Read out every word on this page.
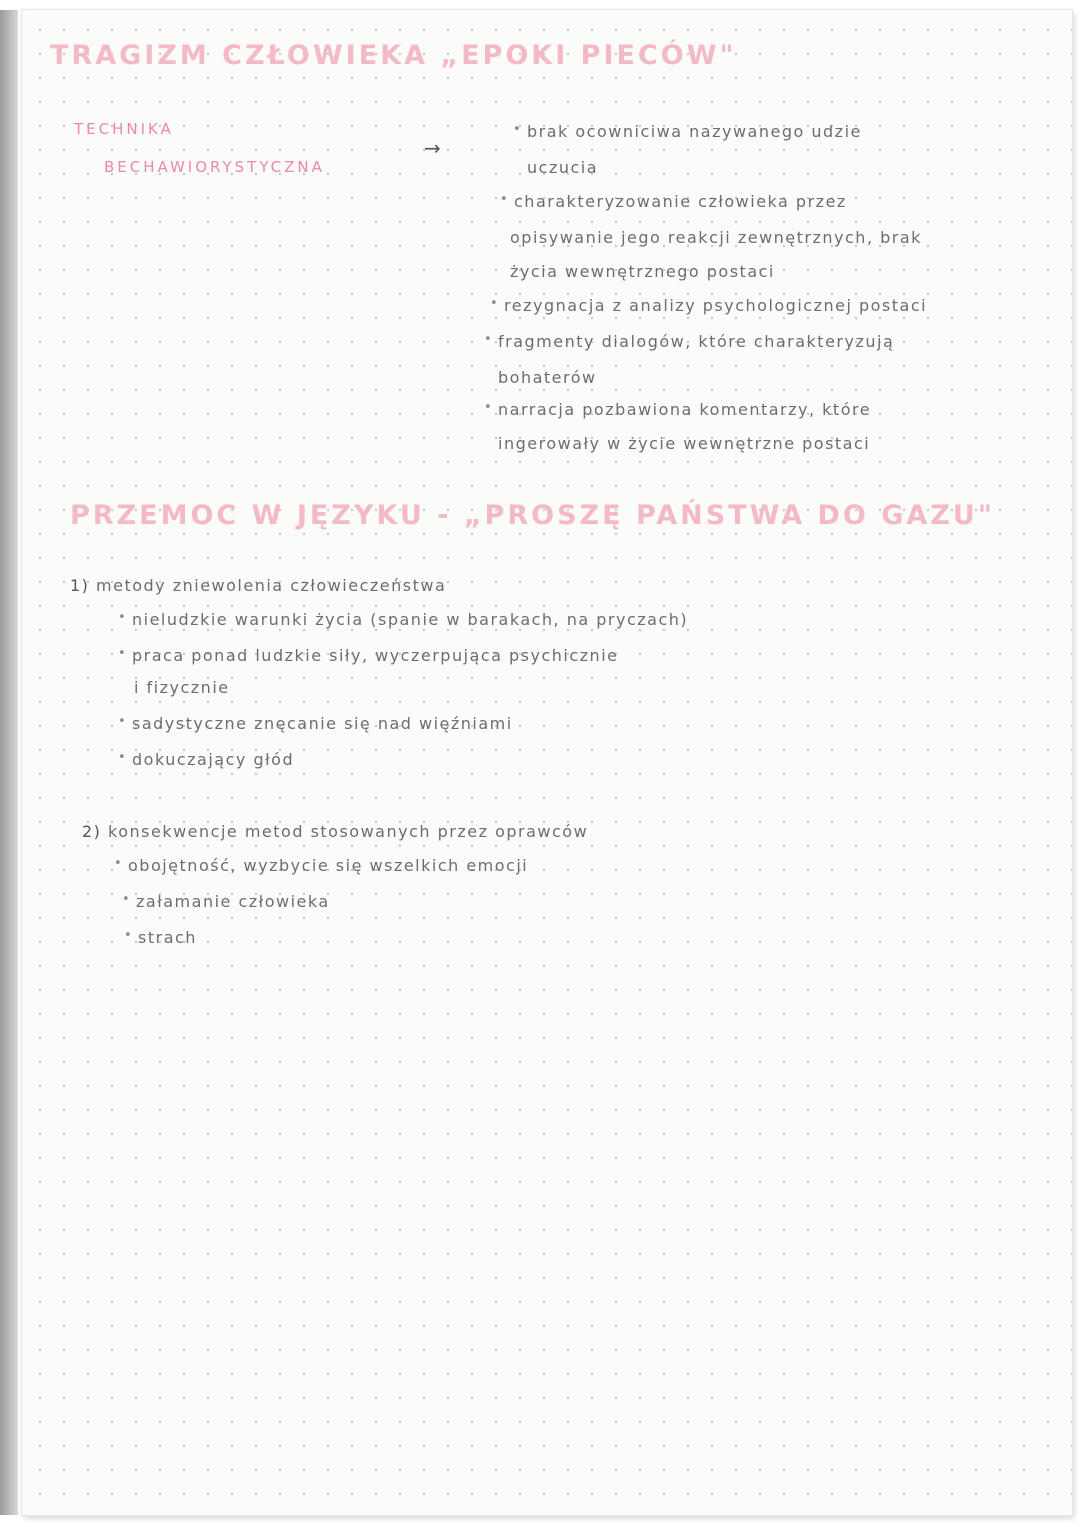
TRAGIZM CZŁOWIEKA „EPOKI PIECÓW"
TECHNIKA
BECHAWIORYSTYCZNA
→
• brak ocowniciwa nazywanego udzie
uczucia
• charakteryzowanie człowieka przez
opisywanie jego reakcji zewnętrznych, brak
życia wewnętrznego postaci
• rezygnacja z analizy psychologicznej postaci
• fragmenty dialogów, które charakteryzują
bohaterów
• narracja pozbawiona komentarzy, które
ingerowały w życie wewnętrzne postaci
PRZEMOC W JĘZYKU - „PROSZĘ PAŃSTWA DO GAZU"
1) metody zniewolenia człowieczeństwa
• nieludzkie warunki życia (spanie w barakach, na pryczach)
• praca ponad ludzkie siły, wyczerpująca psychicznie
i fizycznie
• sadystyczne znęcanie się nad więźniami
• dokuczający głód
2) konsekwencje metod stosowanych przez oprawców
• obojętność, wyzbycie się wszelkich emocji
• załamanie człowieka
• strach
